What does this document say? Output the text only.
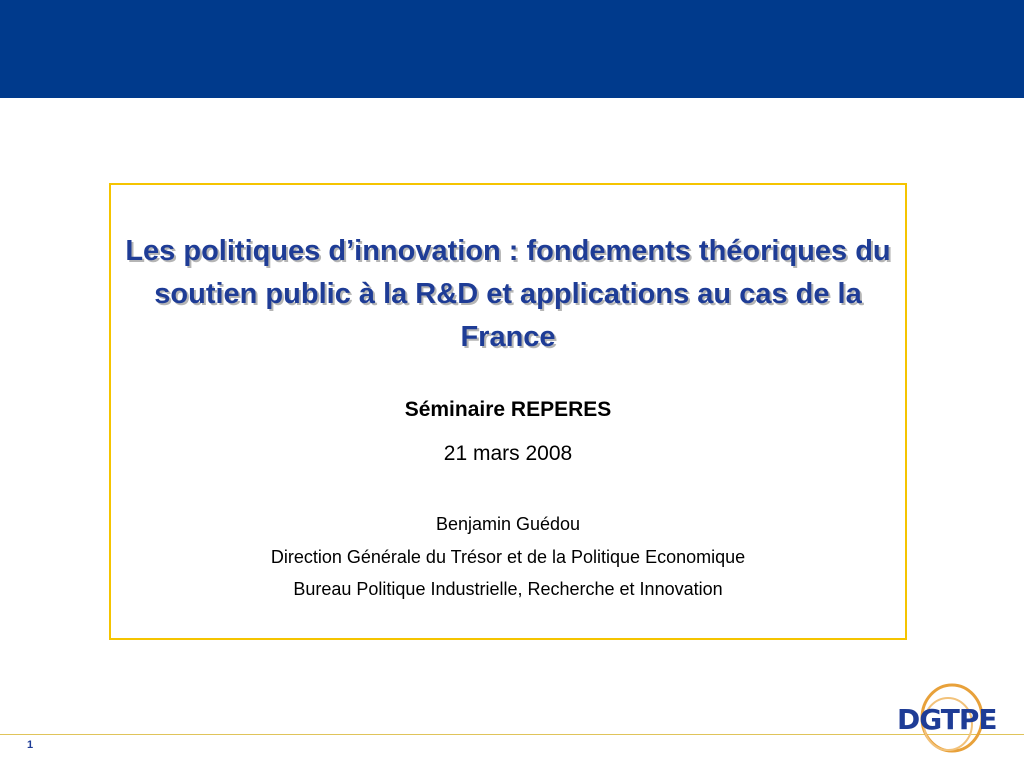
Les politiques d’innovation : fondements théoriques du soutien public à la R&D et applications au cas de la France
Séminaire REPERES
21 mars 2008
Benjamin Guédou
Direction Générale du Trésor et de la Politique Economique
Bureau Politique Industrielle, Recherche et Innovation
1
DGTPE
